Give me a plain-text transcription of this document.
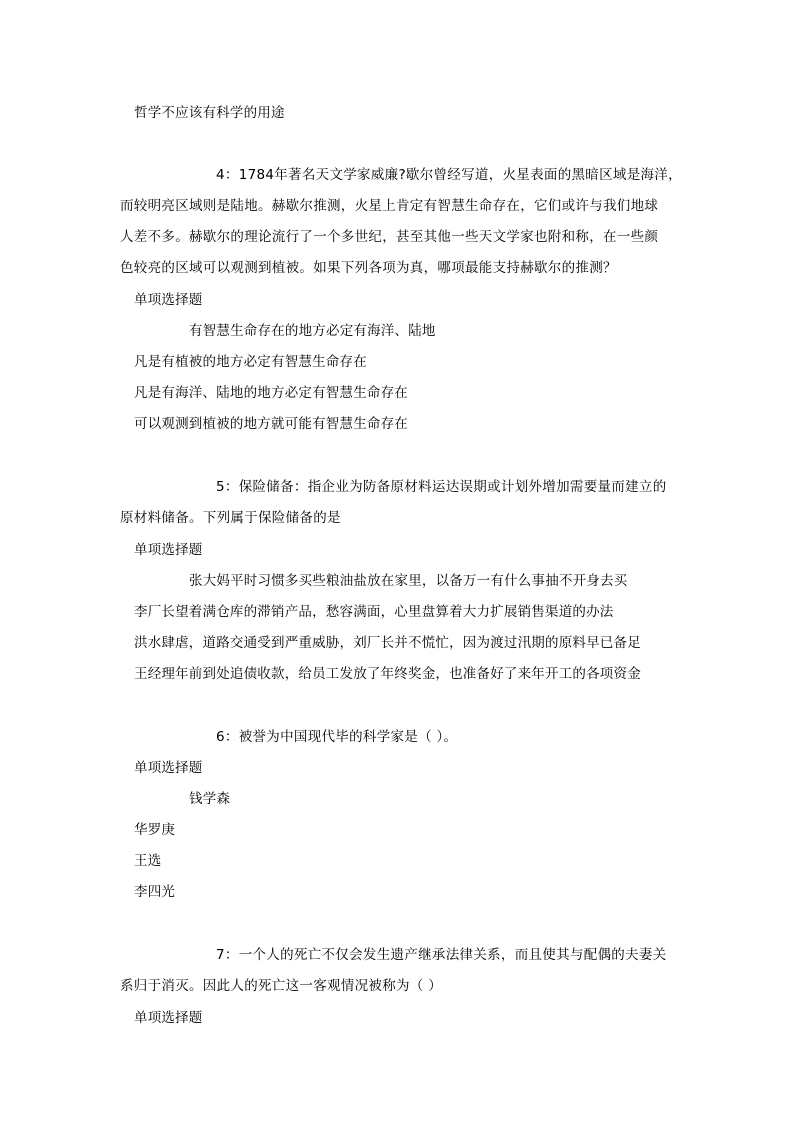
哲学不应该有科学的用途
4：1784年著名天文学家威廉?歇尔曾经写道，火星表面的黑暗区域是海洋，
而较明亮区域则是陆地。赫歇尔推测，火星上肯定有智慧生命存在，它们或许与我们地球
人差不多。赫歇尔的理论流行了一个多世纪，甚至其他一些天文学家也附和称，在一些颜
色较亮的区域可以观测到植被。如果下列各项为真，哪项最能支持赫歇尔的推测？
单项选择题
有智慧生命存在的地方必定有海洋、陆地
凡是有植被的地方必定有智慧生命存在
凡是有海洋、陆地的地方必定有智慧生命存在
可以观测到植被的地方就可能有智慧生命存在
5：保险储备：指企业为防备原材料运达误期或计划外增加需要量而建立的
原材料储备。下列属于保险储备的是
单项选择题
张大妈平时习惯多买些粮油盐放在家里，以备万一有什么事抽不开身去买
李厂长望着满仓库的滞销产品，愁容满面，心里盘算着大力扩展销售渠道的办法
洪水肆虐，道路交通受到严重威胁，刘厂长并不慌忙，因为渡过汛期的原料早已备足
王经理年前到处追债收款，给员工发放了年终奖金，也准备好了来年开工的各项资金
6：被誉为中国现代毕的科学家是（ ）。
单项选择题
钱学森
华罗庚
王选
李四光
7：一个人的死亡不仅会发生遗产继承法律关系，而且使其与配偶的夫妻关
系归于消灭。因此人的死亡这一客观情况被称为（ ）
单项选择题
